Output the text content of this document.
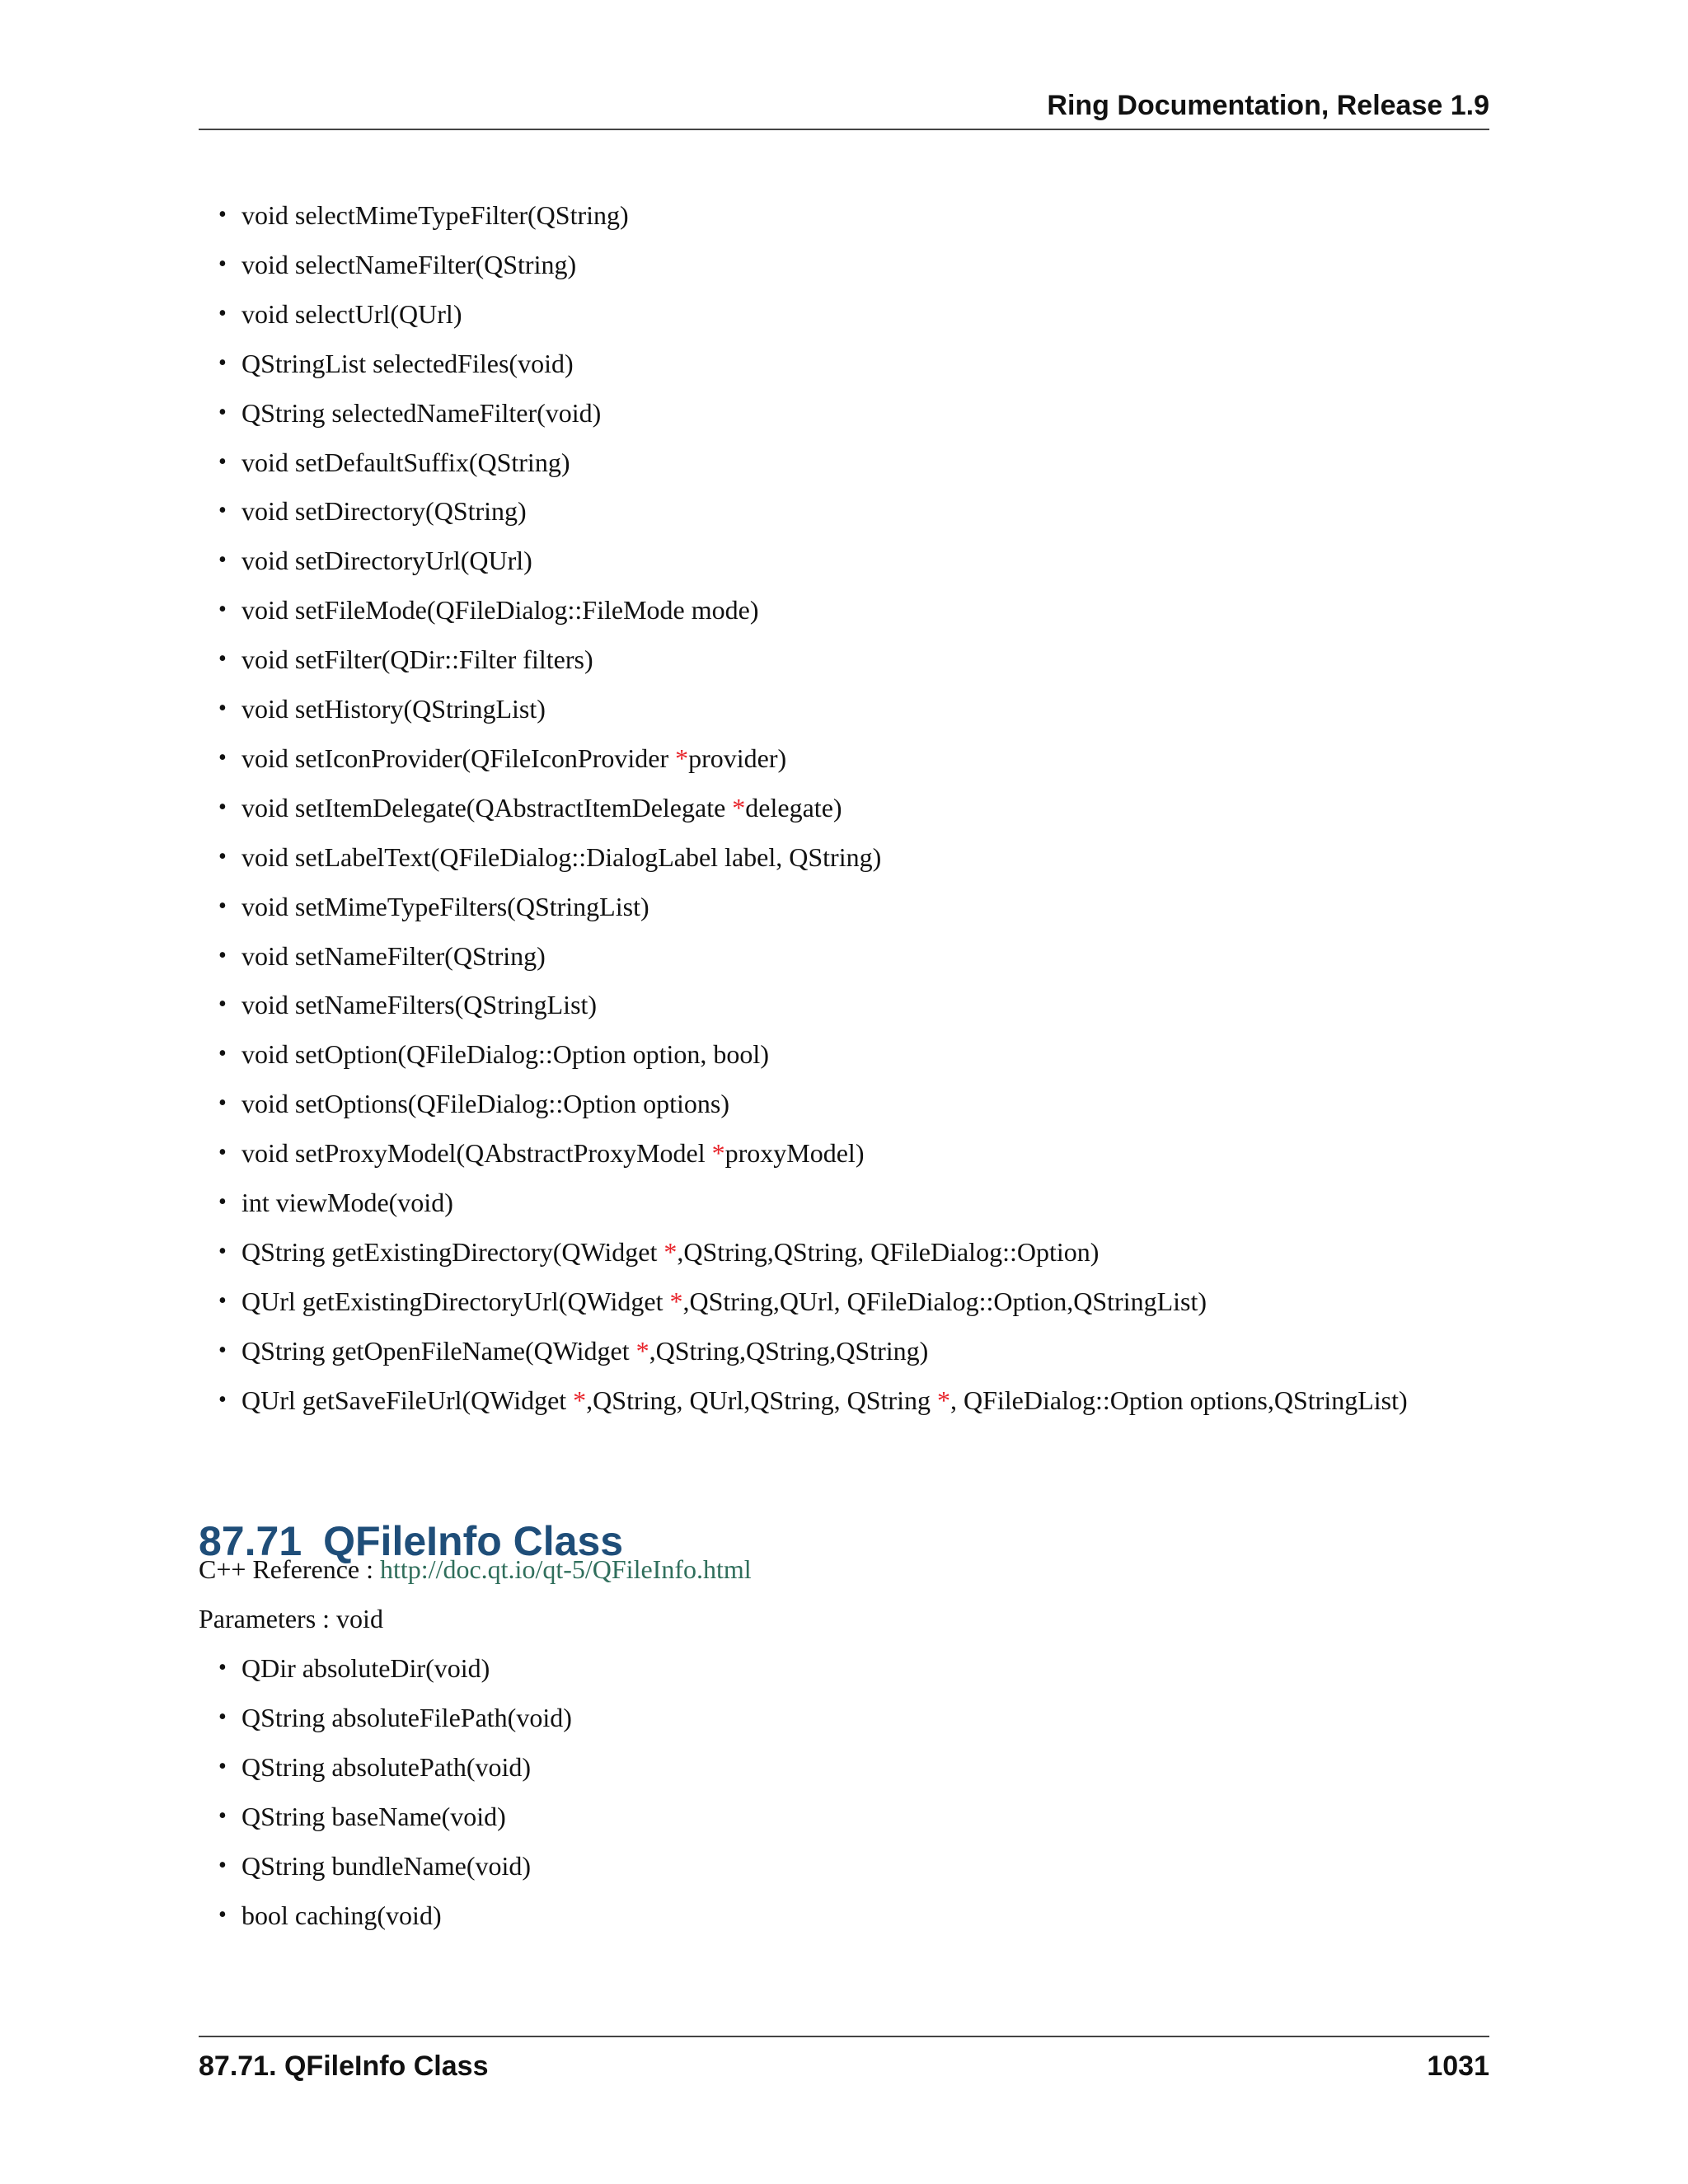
Ring Documentation, Release 1.9
• void selectMimeTypeFilter(QString)
• void selectNameFilter(QString)
• void selectUrl(QUrl)
• QStringList selectedFiles(void)
• QString selectedNameFilter(void)
• void setDefaultSuffix(QString)
• void setDirectory(QString)
• void setDirectoryUrl(QUrl)
• void setFileMode(QFileDialog::FileMode mode)
• void setFilter(QDir::Filter filters)
• void setHistory(QStringList)
• void setIconProvider(QFileIconProvider *provider)
• void setItemDelegate(QAbstractItemDelegate *delegate)
• void setLabelText(QFileDialog::DialogLabel label, QString)
• void setMimeTypeFilters(QStringList)
• void setNameFilter(QString)
• void setNameFilters(QStringList)
• void setOption(QFileDialog::Option option, bool)
• void setOptions(QFileDialog::Option options)
• void setProxyModel(QAbstractProxyModel *proxyModel)
• int viewMode(void)
• QString getExistingDirectory(QWidget *,QString,QString, QFileDialog::Option)
• QUrl getExistingDirectoryUrl(QWidget *,QString,QUrl, QFileDialog::Option,QStringList)
• QString getOpenFileName(QWidget *,QString,QString,QString)
• QUrl getSaveFileUrl(QWidget *,QString, QUrl,QString, QString *, QFileDialog::Option options,QStringList)
87.71 QFileInfo Class

C++ Reference : http://doc.qt.io/qt-5/QFileInfo.html

Parameters : void

• QDir absoluteDir(void)
• QString absoluteFilePath(void)
• QString absolutePath(void)
• QString baseName(void)
• QString bundleName(void)
• bool caching(void)
87.71. QFileInfo Class	1031
